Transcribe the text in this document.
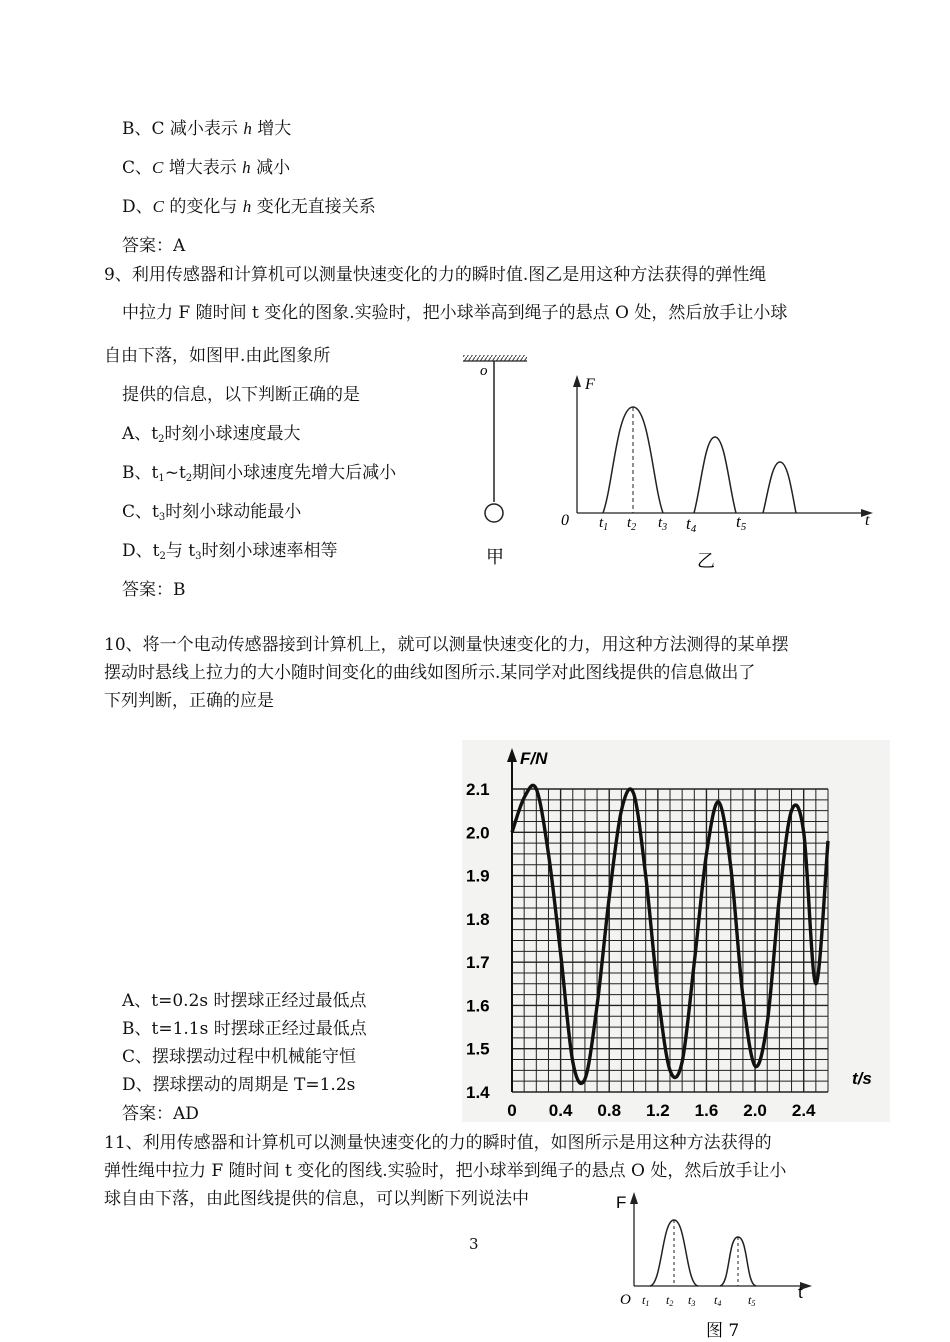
B、C 减小表示 h 增大
C、C 增大表示 h 减小
D、C 的变化与 h 变化无直接关系
答案：A
9、利用传感器和计算机可以测量快速变化的力的瞬时值.图乙是用这种方法获得的弹性绳
中拉力 F 随时间 t 变化的图象.实验时，把小球举高到绳子的悬点 O 处，然后放手让小球
自由下落，如图甲.由此图象所
提供的信息，以下判断正确的是
A、$t_2$时刻小球速度最大
B、$t_1\sim t_2$期间小球速度先增大后减小
C、$t_3$时刻小球动能最小
D、$t_2$与 $t_3$时刻小球速率相等
答案：B
o
甲
F
t
0 $t_1$ $t_2$ $t_3$ t4 t5
乙
10、将一个电动传感器接到计算机上，就可以测量快速变化的力，用这种方法测得的某单摆
摆动时悬线上拉力的大小随时间变化的曲线如图所示.某同学对此图线提供的信息做出了
下列判断，正确的应是
A、t=0.2s 时摆球正经过最低点
B、t=1.1s 时摆球正经过最低点
C、摆球摆动过程中机械能守恒
D、摆球摆动的周期是 T=1.2s
答案：AD
1.4
1.5
1.6
1.7
1.8
1.9
2.0
2.1
0 0.4 0.8 1.2 1.6 2.0 2.4
F/N
t/s
11、利用传感器和计算机可以测量快速变化的力的瞬时值，如图所示是用这种方法获得的
弹性绳中拉力 F 随时间 t 变化的图线.实验时，把小球举到绳子的悬点 O 处，然后放手让小
球自由下落，由此图线提供的信息，可以判断下列说法中
3
F
t
O t1 t2 t3 t4 t5
图 7
